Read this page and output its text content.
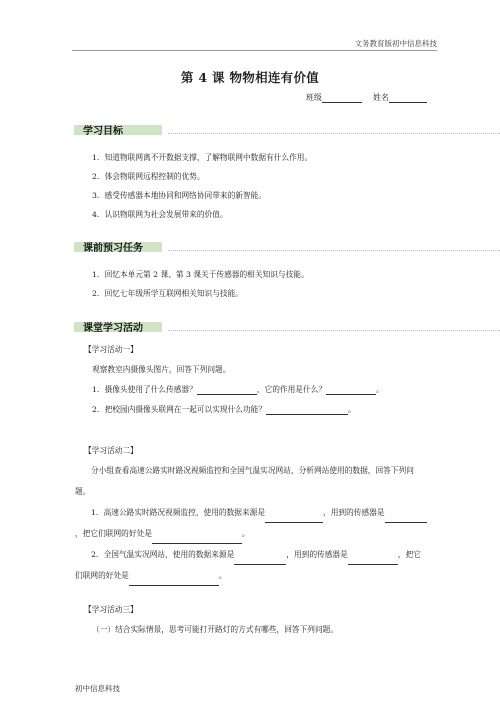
文务教育版初中信息科技
第 4 课 物物相连有价值
班级	姓名
学习目标
1．知道物联网离不开数据支撑，了解物联网中数据有什么作用。
2．体会物联网远程控制的优势。
3．感受传感器本地协同和网络协同带来的新智能。
4．认识物联网为社会发展带来的价值。
课前预习任务
1．回忆本单元第 2 课、第 3 课关于传感器的相关知识与技能。
2．回忆七年级所学互联网相关知识与技能。
课堂学习活动
【学习活动一】
观察教室内摄像头图片，回答下列问题。
1．摄像头使用了什么传感器？	，它的作用是什么？	。
2．把校园内摄像头联网在一起可以实现什么功能？	。
【学习活动二】
分小组查看高速公路实时路况视频监控和全国气温实况网站，分析网站使用的数据，回答下列问题。
1．高速公路实时路况视频监控，使用的数据来源是	，用到的传感器是，把它们联网的好处是	。
2．全国气温实况网站，使用的数据来源是	，用到的传感器是	，把它们联网的好处是	。
【学习活动三】
（一）结合实际情景，思考可能打开路灯的方式有哪些，回答下列问题。
初中信息科技
